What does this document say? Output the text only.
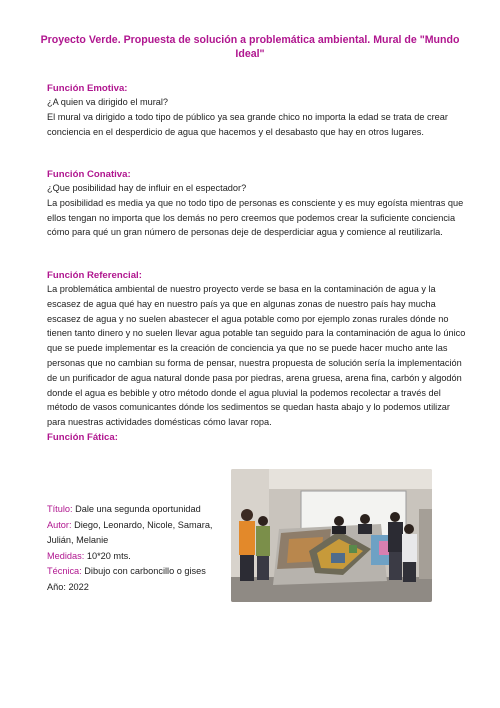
Proyecto Verde. Propuesta de solución a problemática ambiental. Mural de "Mundo Ideal"
Función Emotiva:

¿A quien va dirigido el mural?

El mural va dirigido a todo tipo de público ya sea grande chico no importa la edad se trata de crear conciencia en el desperdicio de agua que hacemos y el desabasto que hay en otros lugares.

Función Conativa:

¿Que posibilidad hay de influir en el espectador?

La posibilidad es media ya que no todo tipo de personas es consciente y es muy egoísta mientras que ellos tengan no importa que los demás no pero creemos que podemos crear la suficiente conciencia cómo para qué un gran número de personas deje de desperdiciar agua y comience al reutilizarla.

Función Referencial:

La problemática ambiental de nuestro proyecto verde se basa en la contaminación de agua y la escasez de agua qué hay en nuestro país ya que en algunas zonas de nuestro país hay mucha escasez de agua y no suelen abastecer el agua potable como por ejemplo zonas rurales dónde no tienen tanto dinero y no suelen llevar agua potable tan seguido para la contaminación de agua lo único que se puede implementar es la creación de conciencia ya que no se puede hacer mucho ante las personas que no cambian su forma de pensar, nuestra propuesta de solución sería la implementación de un purificador de agua natural donde pasa por piedras, arena gruesa, arena fina, carbón y algodón donde el agua es bebible y otro método donde el agua pluvial la podemos recolectar a través del método de vasos comunicantes dónde los sedimentos se quedan hasta abajo y lo podemos utilizar para nuestras actividades domésticas cómo lavar ropa.

Función Fática:
Título: Dale una segunda oportunidad
Autor: Diego, Leonardo, Nicole, Samara, Julián, Melanie
Medidas: 10*20 mts.
Técnica: Dibujo con carboncillo o gises
Año: 2022
